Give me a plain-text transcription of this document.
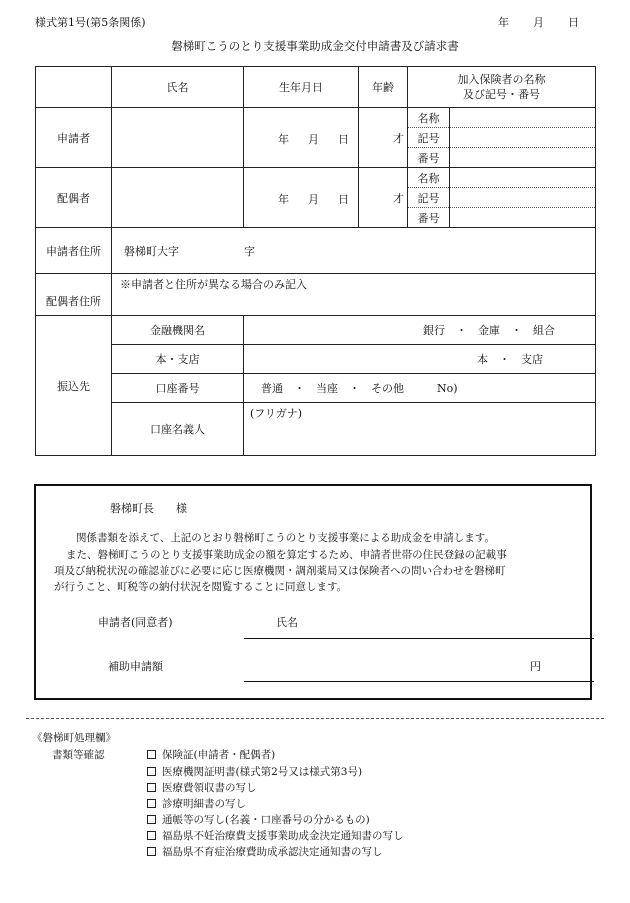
様式第1号(第5条関係)	年 月 日
磐梯町こうのとり支援事業助成金交付申請書及び請求書
	氏名	生年月日	年齢	加入保険者の名称
及び記号・番号	

申請者		年 月 日	才	名称	
				記号	
				番号	
配偶者		年 月 日	才	名称	
				記号	
				番号	
申請者住所	磐梯町大字 字				
配偶者住所	※申請者と住所が異なる場合のみ記入				
振込先	金融機関名	銀行　・　金庫　・　組合			
	本・支店	本　・　支店			
	口座番号	普通　・　当座　・　その他　　　No)			
	口座名義人	(フリガナ)			
磐梯町長　　様
関係書類を添えて、上記のとおり磐梯町こうのとり支援事業による助成金を申請します。
また、磐梯町こうのとり支援事業助成金の額を算定するため、申請者世帯の住民登録の記載事
項及び納税状況の確認並びに必要に応じ医療機関・調剤薬局又は保険者への問い合わせを磐梯町
が行うこと、町税等の納付状況を閲覧することに同意します。
申請者(同意者)	氏名
補助申請額	円
《磐梯町処理欄》
書類等確認	保険証(申請者・配偶者)
医療機関証明書(様式第2号又は様式第3号)
医療費領収書の写し
診療明細書の写し
通帳等の写し(名義・口座番号の分かるもの)
福島県不妊治療費支援事業助成金決定通知書の写し
福島県不育症治療費助成承認決定通知書の写し
